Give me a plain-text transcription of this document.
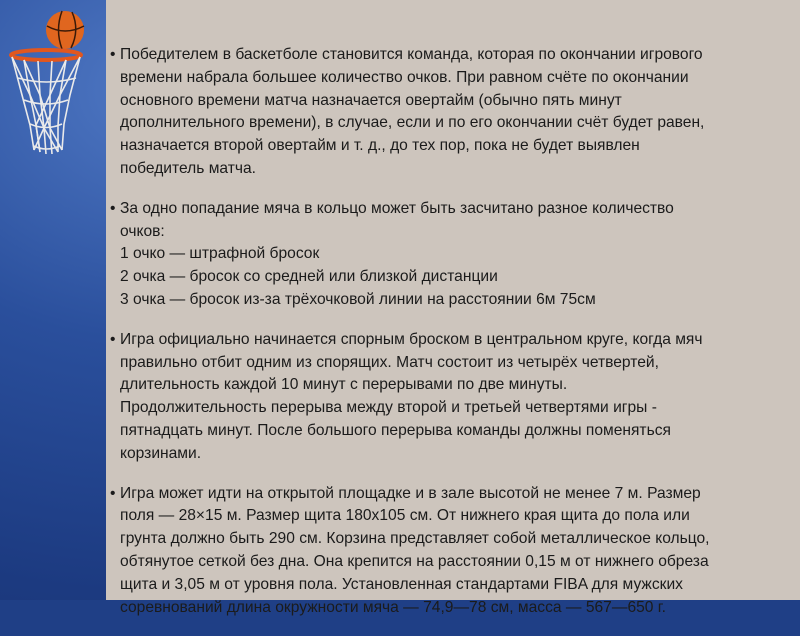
• Победителем в баскетболе становится команда, которая по окончании игрового
времени набрала большее количество очков. При равном счёте по окончании
основного времени матча назначается овертайм (обычно пять минут
дополнительного времени), в случае, если и по его окончании счёт будет равен,
назначается второй овертайм и т. д., до тех пор, пока не будет выявлен
победитель матча.
• За одно попадание мяча в кольцо может быть засчитано разное количество
очков:
1 очко — штрафной бросок
2 очка — бросок со средней или близкой дистанции
3 очка — бросок из-за трёхочковой линии на расстоянии 6м 75см
• Игра официально начинается спорным броском в центральном круге, когда мяч
правильно отбит одним из спорящих. Матч состоит из четырёх четвертей,
длительность каждой 10 минут с перерывами по две минуты.
Продолжительность перерыва между второй и третьей четвертями игры -
пятнадцать минут. После большого перерыва команды должны поменяться
корзинами.
• Игра может идти на открытой площадке и в зале высотой не менее 7 м. Размер
поля — 28×15 м. Размер щита 180х105 см. От нижнего края щита до пола или
грунта должно быть 290 см. Корзина представляет собой металлическое кольцо,
обтянутое сеткой без дна. Она крепится на расстоянии 0,15 м от нижнего обреза
щита и 3,05 м от уровня пола. Установленная стандартами FIBA для мужских
соревнований длина окружности мяча — 74,9—78 см, масса — 567—650 г.
